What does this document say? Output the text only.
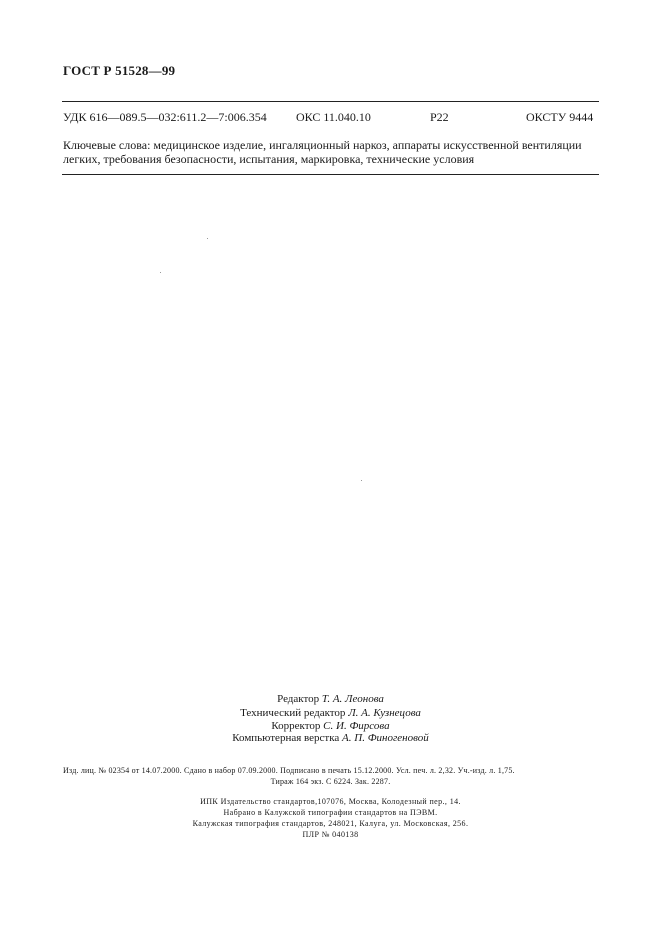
ГОСТ Р 51528—99
УДК 616—089.5—032:611.2—7:006.354 ОКС 11.040.10	Р22	ОКСТУ 9444
Ключевые слова: медицинское изделие, ингаляционный наркоз, аппараты искусственной вентиляции
легких, требования безопасности, испытания, маркировка, технические условия
Редактор Т. А. Леонова
Технический редактор Л. А. Кузнецова
Корректор С. И. Фирсова
Компьютерная верстка А. П. Финогеновой
Изд. лиц. № 02354 от 14.07.2000. Сдано в набор 07.09.2000. Подписано в печать 15.12.2000. Усл. печ. л. 2,32. Уч.-изд. л. 1,75.
Тираж 164 экз. С 6224. Зак. 2287.
ИПК Издательство стандартов,107076, Москва, Колодезный пер., 14.
Набрано в Калужской типографии стандартов на ПЭВМ.
Калужская типография стандартов, 248021, Калуга, ул. Московская, 256.
ПЛР № 040138
